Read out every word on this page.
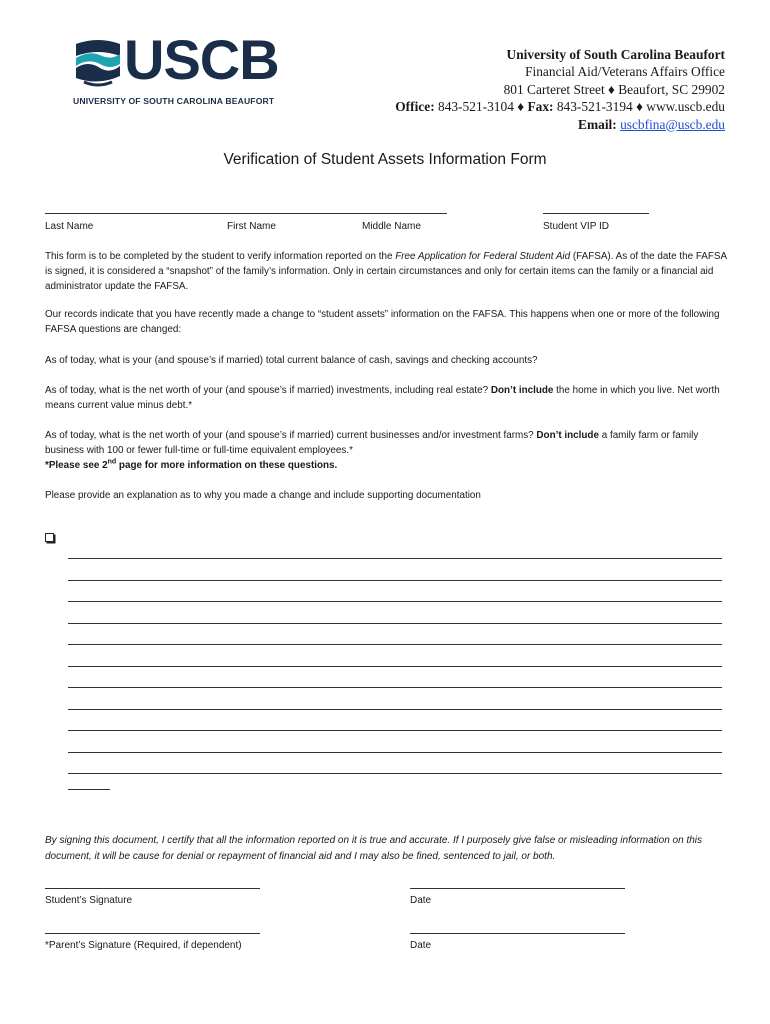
USCB
UNIVERSITY OF SOUTH CAROLINA BEAUFORT
University of South Carolina Beaufort
Financial Aid/Veterans Affairs Office
801 Carteret Street ♦ Beaufort, SC 29902
Office: 843-521-3104 ♦ Fax: 843-521-3194 ♦ www.uscb.edu
Email: uscbfina@uscb.edu
Verification of Student Assets Information Form
Last Name	First Name	Middle Name	Student VIP ID
This form is to be completed by the student to verify information reported on the Free Application for Federal Student Aid (FAFSA). As of the date the FAFSA is signed, it is considered a “snapshot” of the family’s information. Only in certain circumstances and only for certain items can the family or a financial aid administrator update the FAFSA.
Our records indicate that you have recently made a change to “student assets” information on the FAFSA. This happens when one or more of the following FAFSA questions are changed:
As of today, what is your (and spouse’s if married) total current balance of cash, savings and checking accounts?
As of today, what is the net worth of your (and spouse’s if married) investments, including real estate? Don’t include the home in which you live. Net worth means current value minus debt.*
As of today, what is the net worth of your (and spouse’s if married) current businesses and/or investment farms? Don’t include a family farm or family business with 100 or fewer full-time or full-time equivalent employees.*
*Please see 2nd page for more information on these questions.
Please provide an explanation as to why you made a change and include supporting documentation
By signing this document, I certify that all the information reported on it is true and accurate. If I purposely give false or misleading information on this document, it will be cause for denial or repayment of financial aid and I may also be fined, sentenced to jail, or both.
Student’s Signature	Date
*Parent’s Signature (Required, if dependent)	Date
